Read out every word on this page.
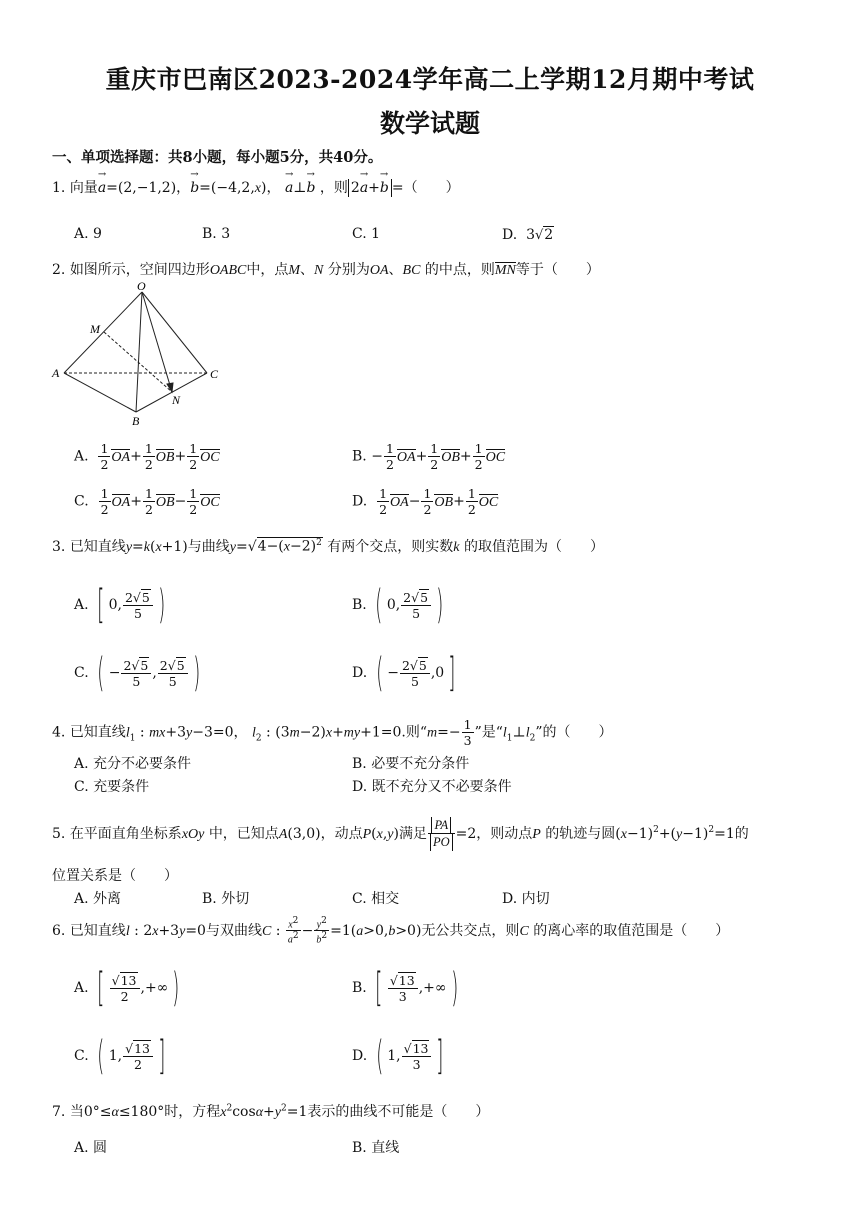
重庆市巴南区2023-2024学年高二上学期12月期中考试
数学试题
一、单项选择题：共8小题，每小题5分，共40分。
1. 向量→ a=(2,−1,2)，→ b=(−4,2,x)， → a⊥→ b ，则 2→ a+→ b =（　　）
A. 9	B. 3	C. 1	D.  3√2
2. 如图所示，空间四边形OABC中，点M、N 分别为OA、BC 的中点，则MN等于（　　）
O
M
A	C
N
B
A. $\frac{1}{2} OA+ \frac{1}{2} OB+ \frac{1}{2}$ OC	B. − $\frac{1}{2} OA+ \frac{1}{2} OB+ \frac{1}{2}$ OC
C. $\frac{1}{2} OA+ \frac{1}{2} OB- \frac{1}{2}$ OC	D. $\frac{1}{2} OA- \frac{1}{2} OB+ \frac{1}{2}$ OC
3. 已知直线y=k(x+1)与曲线$y=√4-(x-2)^2$ 有两个交点，则实数k 的取值范围为（　　）
A. [ 0, $\frac{2√5}{5}$ )	B. ( 0, $\frac{2√5}{5}$ )
C. ( − $\frac{2√5}{5}$ , $\frac{2√5}{5}$ )	D. ( − $\frac{2√5}{5} ,0$ ]
4. 已知直线$l_1$ : mx+3y−3=0， $l_2$ : (3m−2)x+my+1=0.则“$m=- \frac{1}{3}$ ”是“$l_1\perp l_2$”的（　　）
A. 充分不必要条件	B. 必要不充分条件
C. 充要条件	D. 既不充分又不必要条件
5. 在平面直角坐标系xOy 中，已知点A(3,0)，动点P(x,y)满足 $\frac{PA}{PO} =2$，则动点P 的轨迹与圆$(x-1)^2+(y-1)^2=1$的
位置关系是（　　）
A. 外离	B. 外切	C. 相交	D. 内切
6. 已知直线l : 2x+3y=0与双曲线C : $\frac{x^2}{a^2} - \frac{y^2}{b^2} =1(a>0,b>0)$无公共交点，则C 的离心率的取值范围是（　　）
A. [ $\frac{√13}{2}$ ,+∞ )	B. [ $\frac{√13}{3}$ ,+∞ )
C. ( 1, $\frac{√13}{2}$ ]	D. ( 1, $\frac{√13}{3}$ ]
7. 当0°≤α≤180°时，方程$x^2\cos\alpha+y^2=1$表示的曲线不可能是（　　）
A. 圆	B. 直线
